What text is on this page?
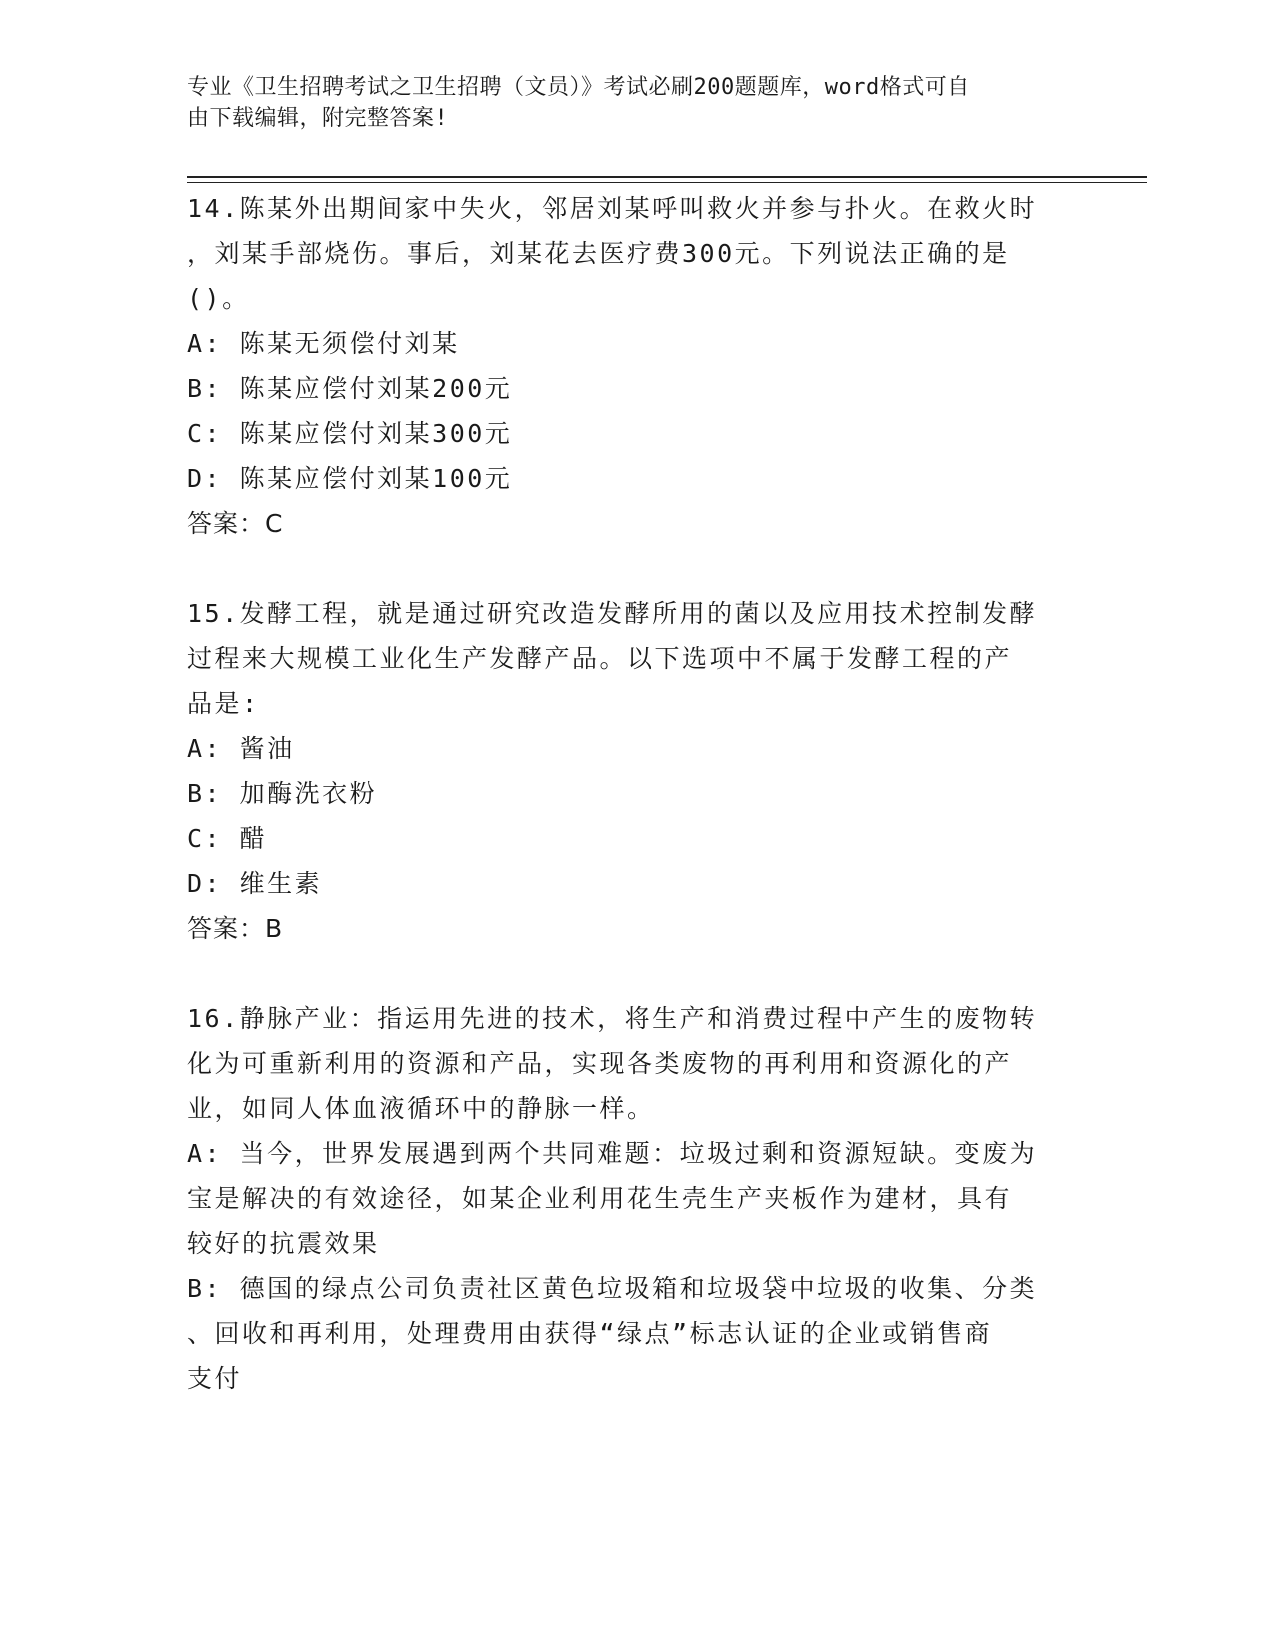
专业《卫生招聘考试之卫生招聘（文员）》考试必刷200题题库，word格式可自
由下载编辑，附完整答案!

14.陈某外出期间家中失火，邻居刘某呼叫救火并参与扑火。在救火时

，刘某手部烧伤。事后，刘某花去医疗费300元。下列说法正确的是

()。

A: 陈某无须偿付刘某

B: 陈某应偿付刘某200元

C: 陈某应偿付刘某300元

D: 陈某应偿付刘某100元

答案：C

15.发酵工程，就是通过研究改造发酵所用的菌以及应用技术控制发酵

过程来大规模工业化生产发酵产品。以下选项中不属于发酵工程的产

品是:

A: 酱油

B: 加酶洗衣粉

C: 醋

D: 维生素

答案：B

16.静脉产业：指运用先进的技术，将生产和消费过程中产生的废物转

化为可重新利用的资源和产品，实现各类废物的再利用和资源化的产

业，如同人体血液循环中的静脉一样。

A: 当今，世界发展遇到两个共同难题：垃圾过剩和资源短缺。变废为

宝是解决的有效途径，如某企业利用花生壳生产夹板作为建材，具有

较好的抗震效果

B: 德国的绿点公司负责社区黄色垃圾箱和垃圾袋中垃圾的收集、分类

、回收和再利用，处理费用由获得“绿点”标志认证的企业或销售商

支付
